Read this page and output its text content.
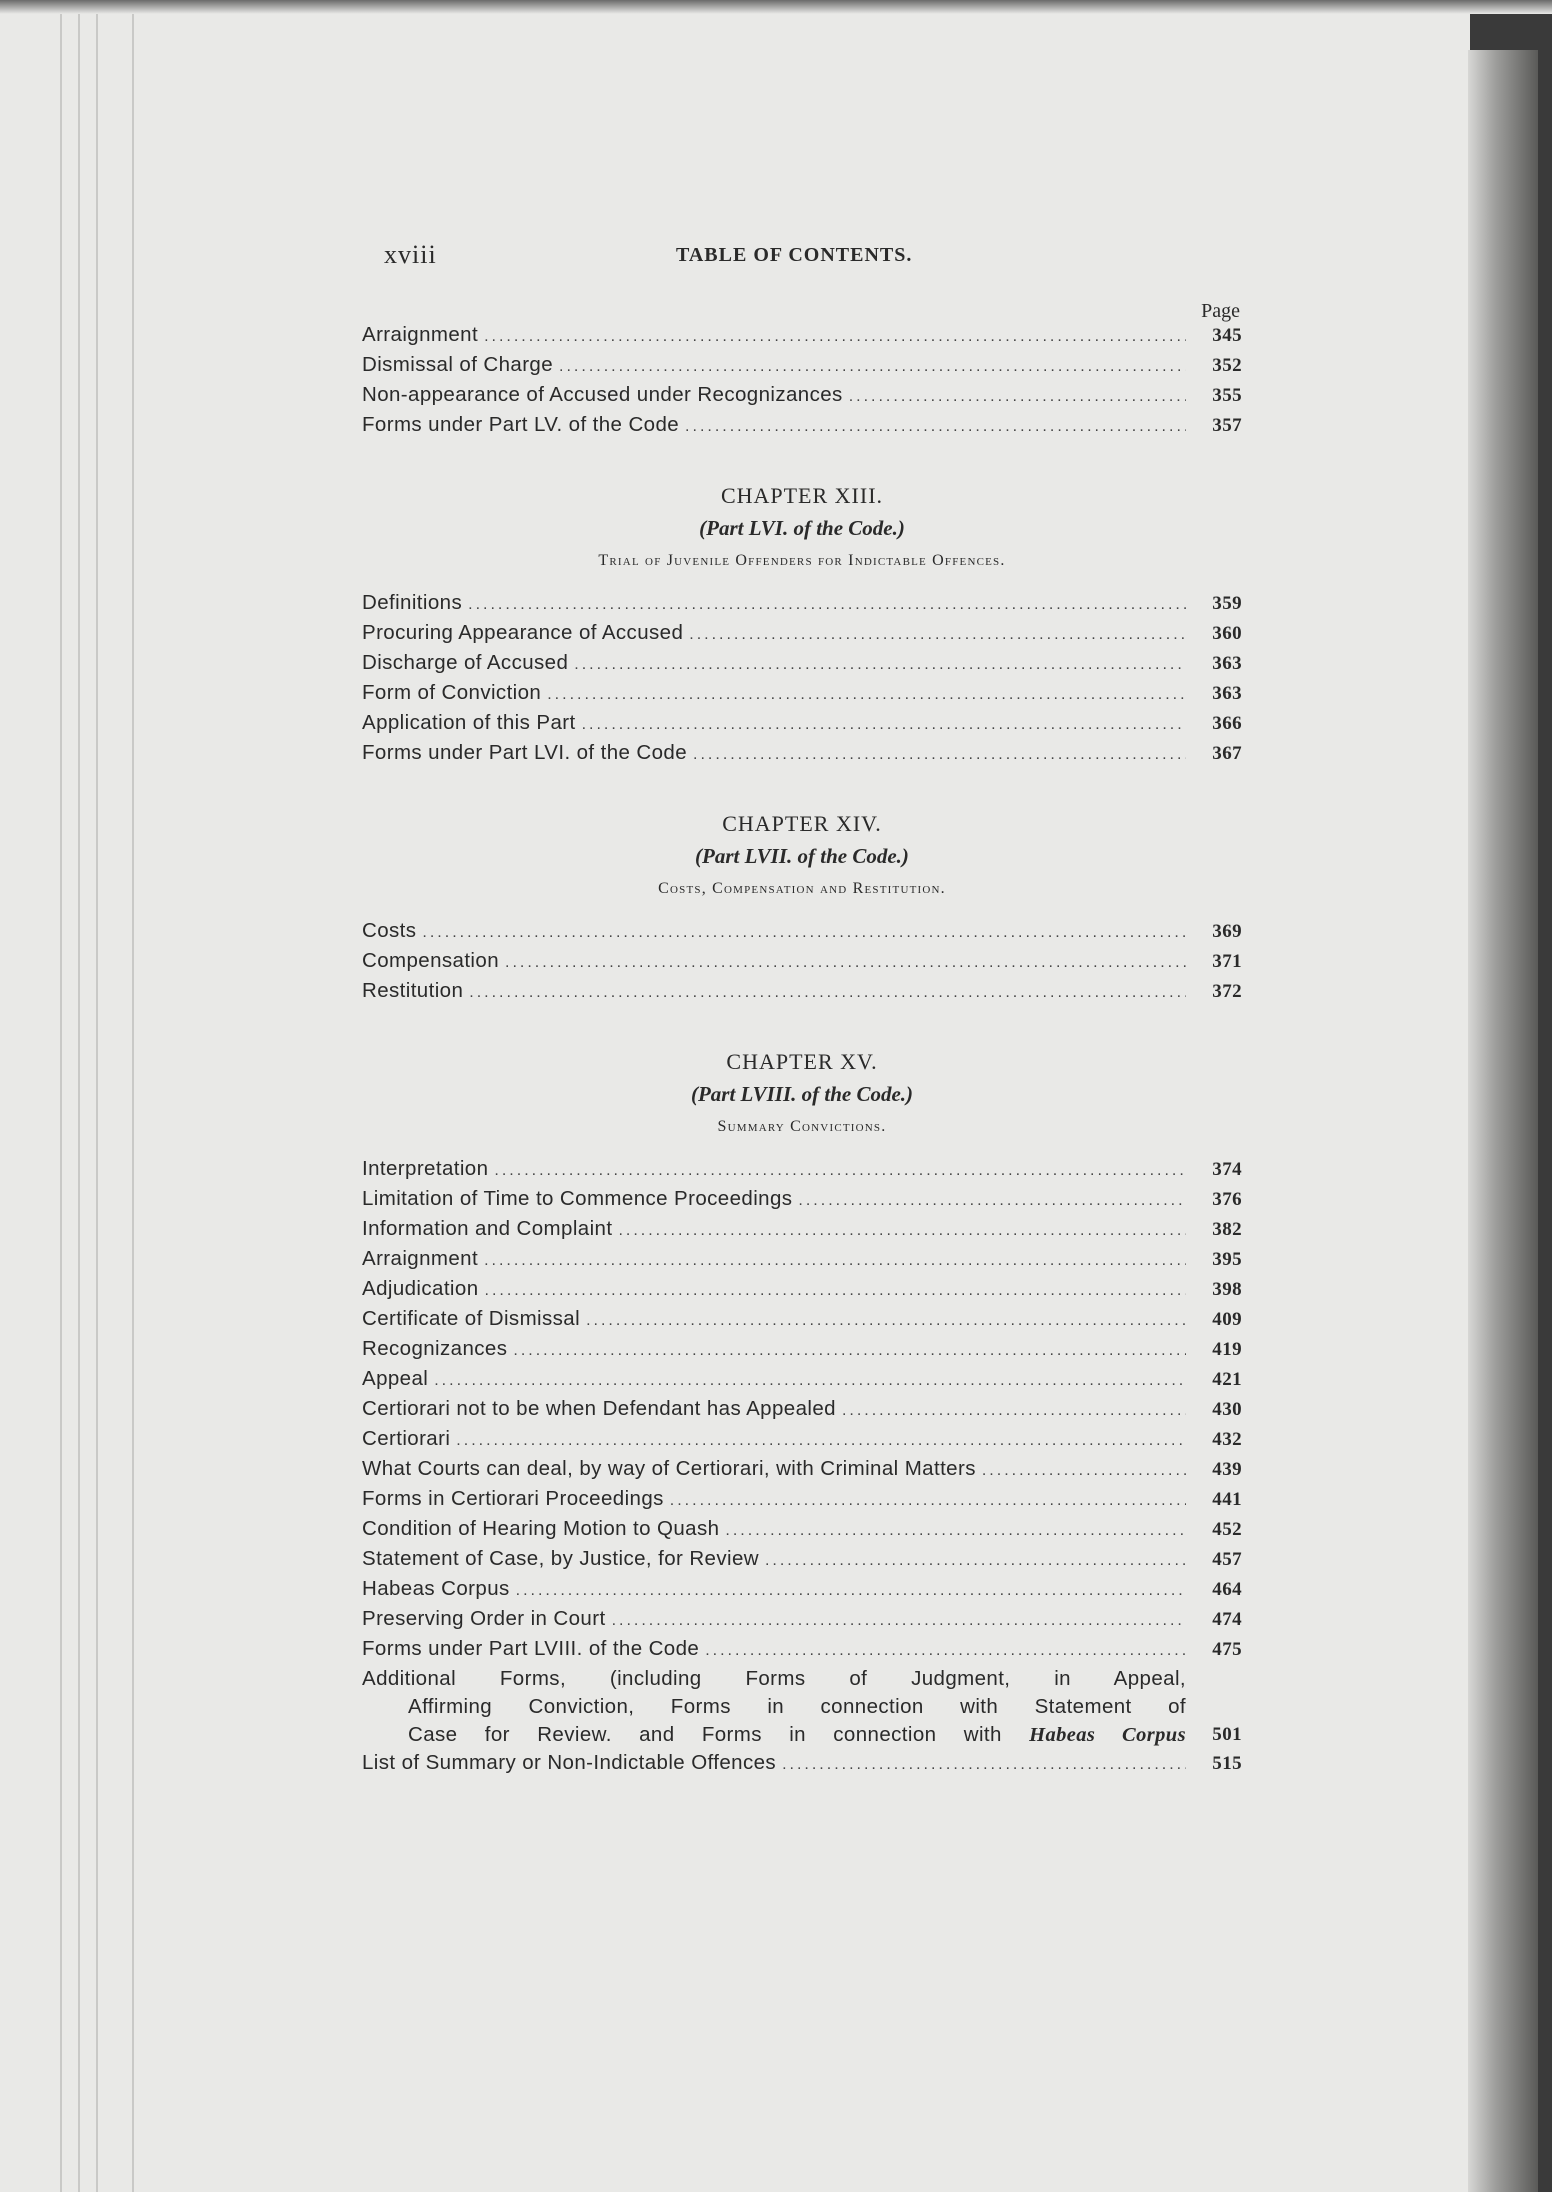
xviii	TABLE OF CONTENTS.
Page
Arraignment .....	345
Dismissal of Charge .....	352
Non-appearance of Accused under Recognizances .....	355
Forms under Part LV. of the Code .....	357
CHAPTER XIII.
(Part LVI. of the Code.)
Trial of Juvenile Offenders for Indictable Offences.
Definitions .....	359
Procuring Appearance of Accused .....	360
Discharge of Accused .....	363
Form of Conviction .....	363
Application of this Part .....	366
Forms under Part LVI. of the Code .....	367
CHAPTER XIV.
(Part LVII. of the Code.)
Costs, Compensation and Restitution.
Costs .....	369
Compensation .....	371
Restitution .....	372
CHAPTER XV.
(Part LVIII. of the Code.)
Summary Convictions.
Interpretation .....	374
Limitation of Time to Commence Proceedings .....	376
Information and Complaint .....	382
Arraignment .....	395
Adjudication .....	398
Certificate of Dismissal .....	409
Recognizances .....	419
Appeal .....	421
Certiorari not to be when Defendant has Appealed .....	430
Certiorari .....	432
What Courts can deal, by way of Certiorari, with Criminal Matters .....	439
Forms in Certiorari Proceedings .....	441
Condition of Hearing Motion to Quash .....	452
Statement of Case, by Justice, for Review .....	457
Habeas Corpus .....	464
Preserving Order in Court .....	474
Forms under Part LVIII. of the Code .....	475
Additional Forms, (including Forms of Judgment, in Appeal,
Affirming Conviction, Forms in connection with Statement of
Case for Review. and Forms in connection with Habeas Corpus	501
List of Summary or Non-Indictable Offences .....	515
